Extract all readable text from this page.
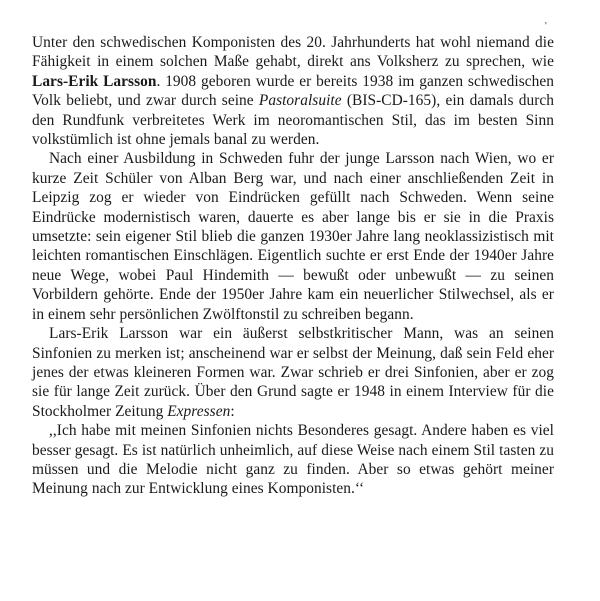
'

Unter den schwedischen Komponisten des 20. Jahrhunderts hat wohl niemand die Fähigkeit in einem solchen Maße gehabt, direkt ans Volksherz zu sprechen, wie Lars-Erik Larsson. 1908 geboren wurde er bereits 1938 im ganzen schwedischen Volk beliebt, und zwar durch seine Pastoralsuite (BIS-CD-165), ein damals durch den Rundfunk verbreitetes Werk im neoromantischen Stil, das im besten Sinn volkstümlich ist ohne jemals banal zu werden.

Nach einer Ausbildung in Schweden fuhr der junge Larsson nach Wien, wo er kurze Zeit Schüler von Alban Berg war, und nach einer anschließenden Zeit in Leipzig zog er wieder von Eindrücken gefüllt nach Schweden. Wenn seine Eindrücke modernistisch waren, dauerte es aber lange bis er sie in die Praxis umsetzte: sein eigener Stil blieb die ganzen 1930er Jahre lang neoklassizistisch mit leichten romantischen Einschlägen. Eigentlich suchte er erst Ende der 1940er Jahre neue Wege, wobei Paul Hindemith — bewußt oder unbewußt — zu seinen Vorbildern gehörte. Ende der 1950er Jahre kam ein neuerlicher Stilwechsel, als er in einem sehr persönlichen Zwölftonstil zu schreiben begann.

Lars-Erik Larsson war ein äußerst selbstkritischer Mann, was an seinen Sinfonien zu merken ist; anscheinend war er selbst der Meinung, daß sein Feld eher jenes der etwas kleineren Formen war. Zwar schrieb er drei Sinfonien, aber er zog sie für lange Zeit zurück. Über den Grund sagte er 1948 in einem Interview für die Stockholmer Zeitung Expressen:

,,Ich habe mit meinen Sinfonien nichts Besonderes gesagt. Andere haben es viel besser gesagt. Es ist natürlich unheimlich, auf diese Weise nach einem Stil tasten zu müssen und die Melodie nicht ganz zu finden. Aber so etwas gehört meiner Meinung nach zur Entwicklung eines Komponisten.‘‘
